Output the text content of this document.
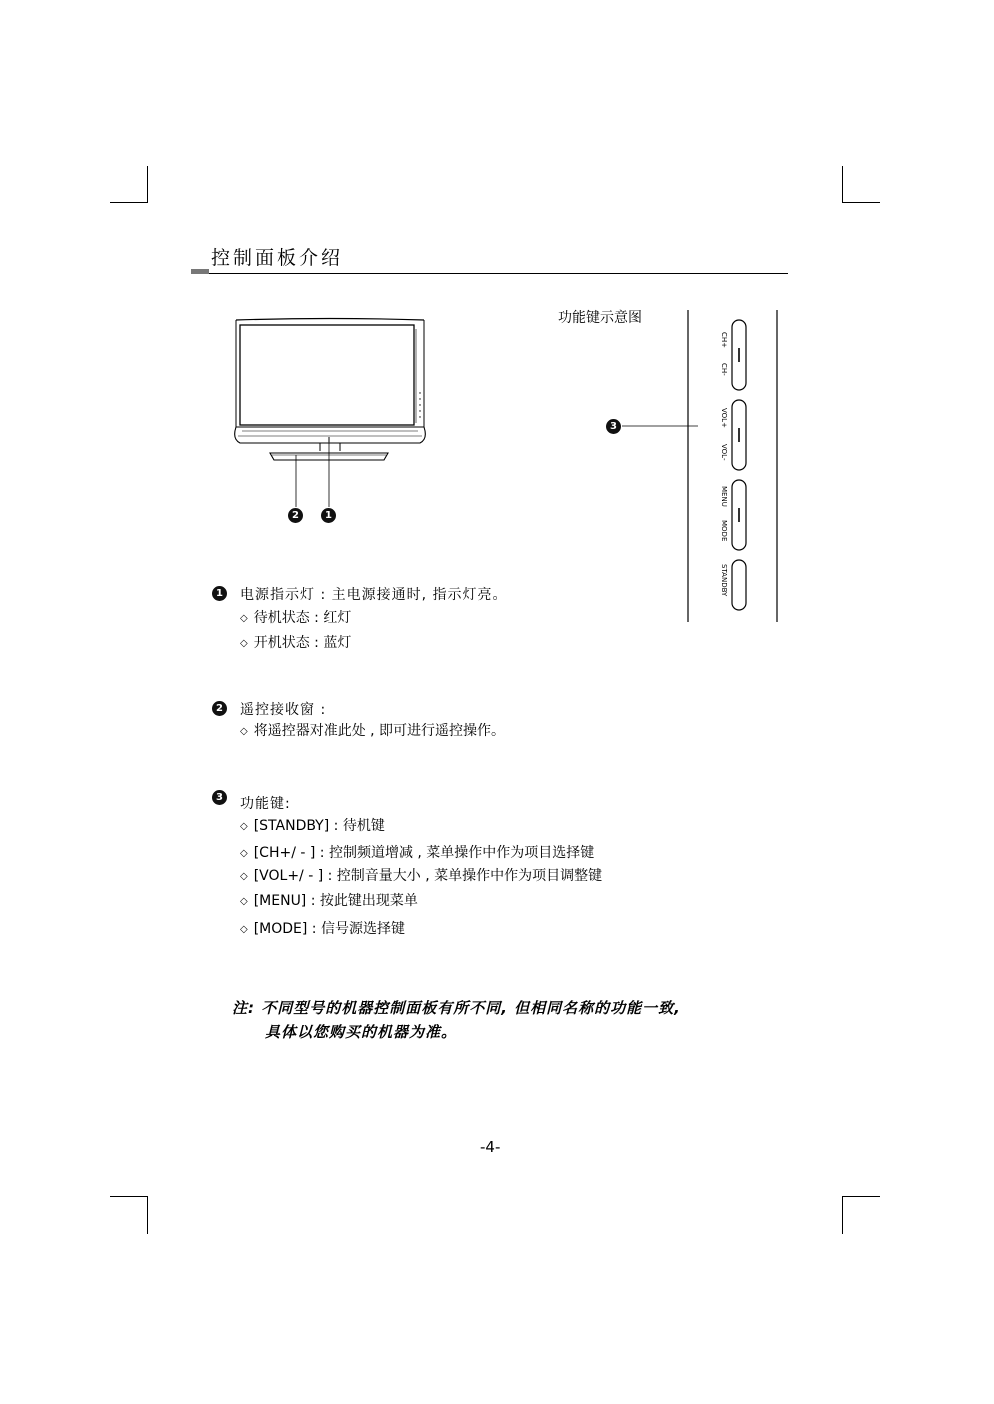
控制面板介绍
2	1
功能键示意图
CH+
CH-
VOL+
VOL-
MENU
MODE
STANDBY
3
1 电源指示灯 : 主电源接通时, 指示灯亮。
◇ 待机状态 : 红灯
◇ 开机状态 : 蓝灯
2 遥控接收窗 :
◇ 将遥控器对准此处 , 即可进行遥控操作。
3 功能键:
◇ [STANDBY] : 待机键
◇ [CH+/ - ] : 控制频道增减 , 菜单操作中作为项目选择键
◇ [VOL+/ - ] : 控制音量大小 , 菜单操作中作为项目调整键
◇ [MENU] : 按此键出现菜单
◇ [MODE] : 信号源选择键
注: 不同型号的机器控制面板有所不同, 但相同名称的功能一致,
具体以您购买的机器为准。
-4-
